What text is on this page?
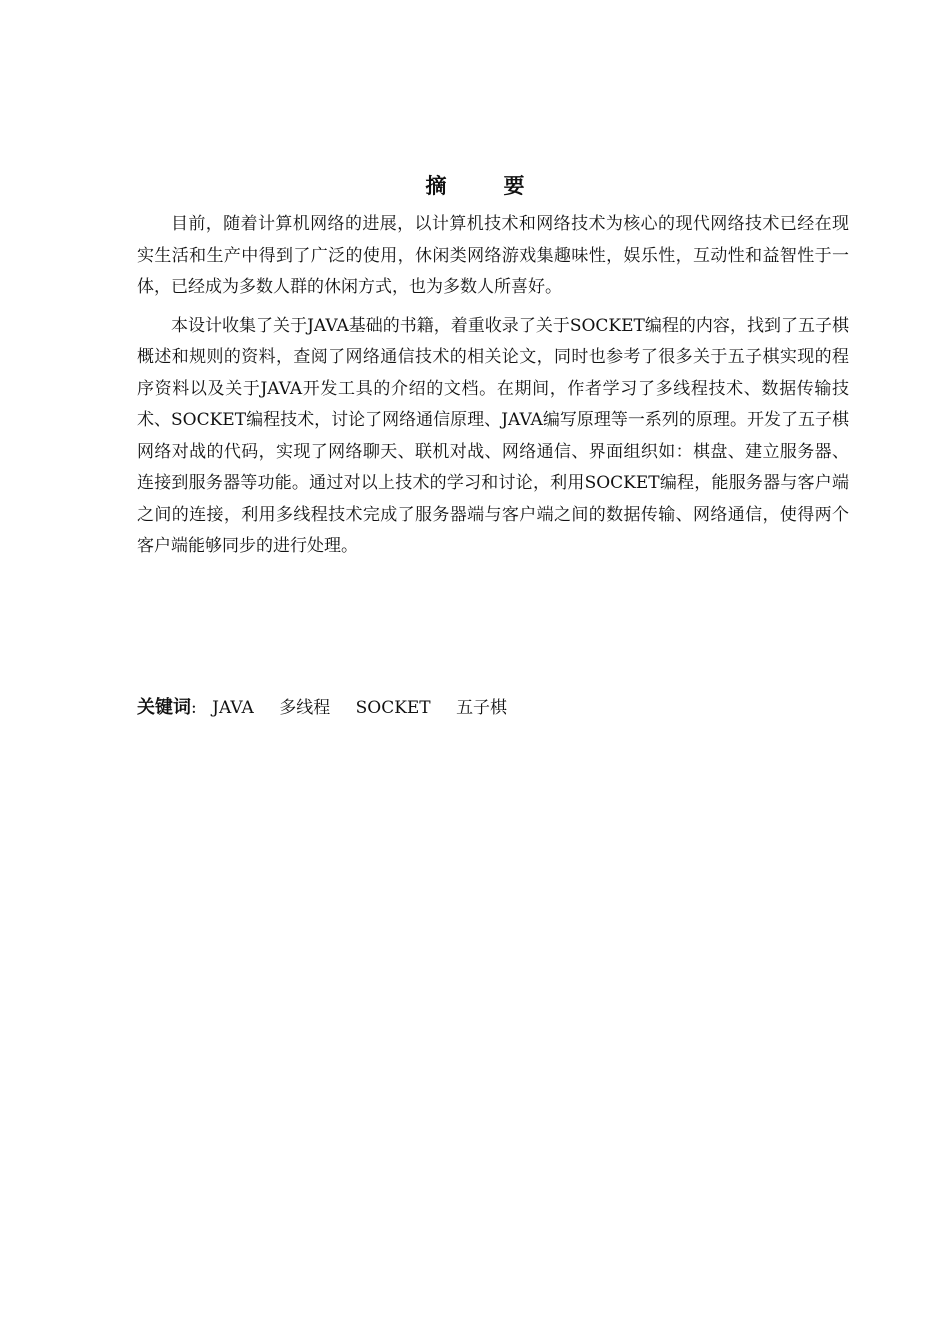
摘　要

目前，随着计算机网络的进展，以计算机技术和网络技术为核心的现代网络技术已经在现实生活和生产中得到了广泛的使用，休闲类网络游戏集趣味性，娱乐性，互动性和益智性于一体，已经成为多数人群的休闲方式，也为多数人所喜好。

本设计收集了关于JAVA基础的书籍，着重收录了关于SOCKET编程的内容，找到了五子棋概述和规则的资料，查阅了网络通信技术的相关论文，同时也参考了很多关于五子棋实现的程序资料以及关于JAVA开发工具的介绍的文档。在期间，作者学习了多线程技术、数据传输技术、SOCKET编程技术，讨论了网络通信原理、JAVA编写原理等一系列的原理。开发了五子棋网络对战的代码，实现了网络聊天、联机对战、网络通信、界面组织如：棋盘、建立服务器、连接到服务器等功能。通过对以上技术的学习和讨论，利用SOCKET编程，能服务器与客户端之间的连接，利用多线程技术完成了服务器端与客户端之间的数据传输、网络通信，使得两个客户端能够同步的进行处理。

关键词: JAVA 多线程 SOCKET 五子棋
